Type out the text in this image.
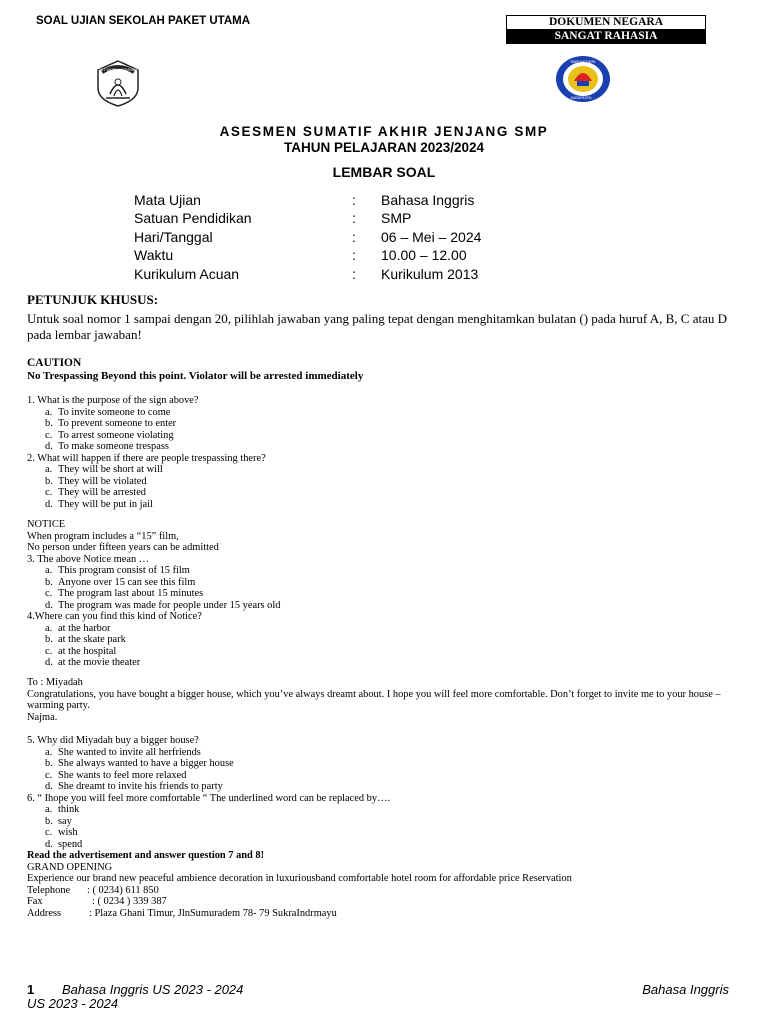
SOAL UJIAN SEKOLAH PAKET UTAMA	DOKUMEN NEGARA
SANGAT RAHASIA
TUT WURI HANDAYANI
SMP NEGERI
KABUPATEN ...
ASESMEN SUMATIF AKHIR JENJANG SMP
TAHUN PELAJARAN 2023/2024
LEMBAR SOAL
Mata Ujian	: Bahasa Inggris
Satuan Pendidikan	: SMP
Hari/Tanggal	: 06 – Mei – 2024
Waktu	: 10.00 – 12.00
Kurikulum Acuan	: Kurikulum 2013
PETUNJUK KHUSUS:
Untuk soal nomor 1 sampai dengan 20, pilihlah jawaban yang paling tepat dengan menghitamkan bulatan () pada huruf A, B, C atau D pada lembar jawaban!
CAUTION
No Trespassing Beyond this point. Violator will be arrested immediately
1. What is the purpose of the sign above?
a. To invite someone to come
b. To prevent someone to enter
c. To arrest someone violating
d. To make someone trespass
2. What will happen if there are people trespassing there?
a. They will be short at will
b. They will be violated
c. They will be arrested
d. They will be put in jail
NOTICE
When program includes a “15” film,
No person under fifteen years can be admitted
3. The above Notice mean …
a. This program consist of 15 film
b. Anyone over 15 can see this film
c. The program last about 15 minutes
d. The program was made for people under 15 years old
4.Where can you find this kind of Notice?
a. at the harbor
b. at the skate park
c. at the hospital
d. at the movie theater
To : Miyadah
Congratulations, you have bought a bigger house, which you’ve always dreamt about. I hope you will feel more comfortable. Don’t forget to invite me to your house –warming party.
Najma.
5. Why did Miyadah buy a bigger house?
a. She wanted to invite all herfriends
b. She always wanted to have a bigger house
c. She wants to feel more relaxed
d. She dreamt to invite his friends to party
6. “ Ihope you will feel more comfortable “ The underlined word can be replaced by….
a. think
b. say
c. wish
d. spend
Read the advertisement and answer question 7 and 8!
GRAND OPENING
Experience our brand new peaceful ambience decoration in luxuriousband comfortable hotel room for affordable price Reservation
Telephone : ( 0234) 611 850
Fax	: ( 0234 ) 339 387
Address	: Plaza Ghani Timur, JlnSumuradem 78- 79 SukraIndrmayu
1 Bahasa Inggris US 2023 - 2024	Bahasa Inggris
US 2023 - 2024
